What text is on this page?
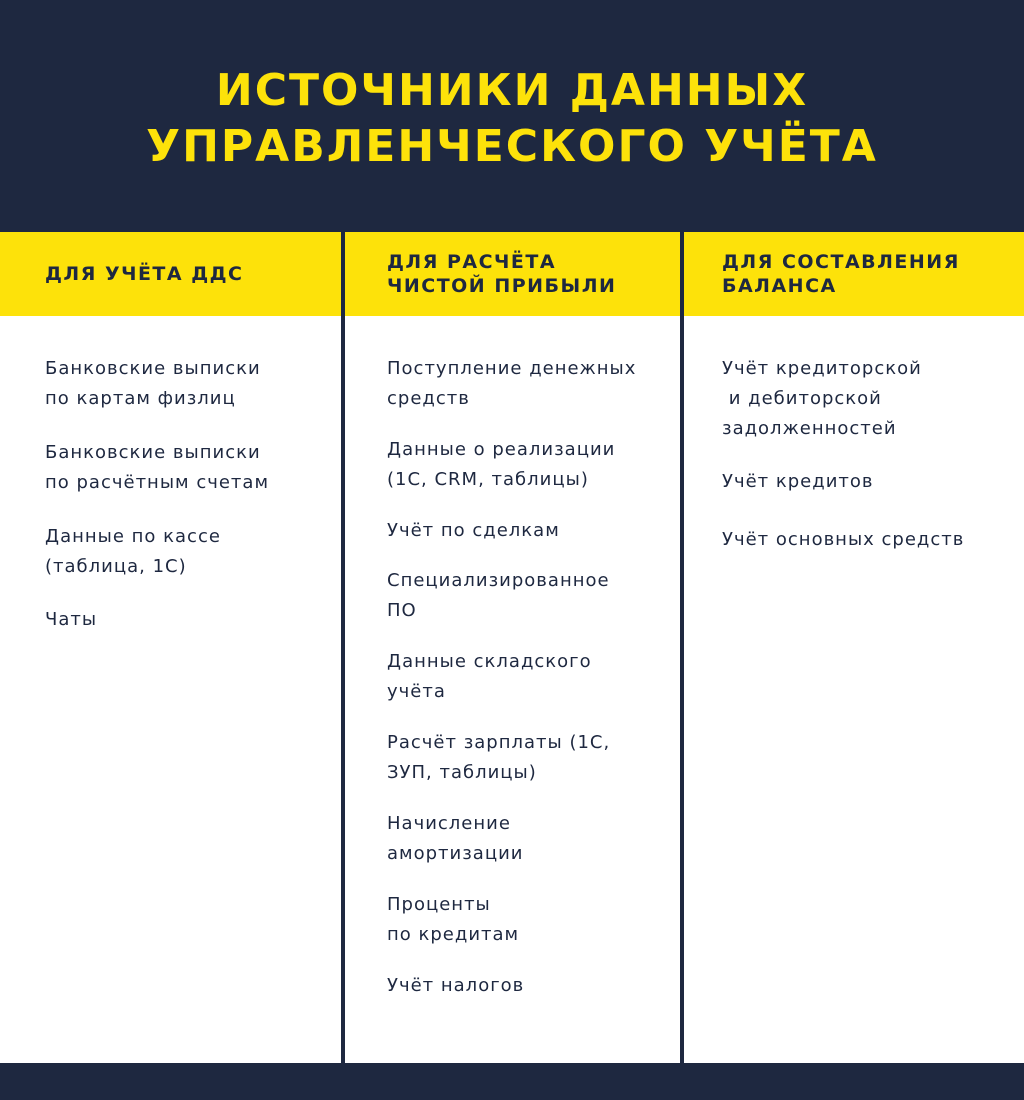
ИСТОЧНИКИ ДАННЫХ
УПРАВЛЕНЧЕСКОГО УЧЁТА
ДЛЯ УЧЁТА ДДС
Банковские выписки
по картам физлиц
Банковские выписки
по расчётным счетам
Данные по кассе
(таблица, 1С)
Чаты
ДЛЯ РАСЧЁТА
ЧИСТОЙ ПРИБЫЛИ
Поступление денежных
средств
Данные о реализации
(1С, CRM, таблицы)
Учёт по сделкам
Специализированное
ПО
Данные складского
учёта
Расчёт зарплаты (1С,
ЗУП, таблицы)
Начисление
амортизации
Проценты
по кредитам
Учёт налогов
ДЛЯ СОСТАВЛЕНИЯ
БАЛАНСА
Учёт кредиторской
и дебиторской
задолженностей
Учёт кредитов
Учёт основных средств
